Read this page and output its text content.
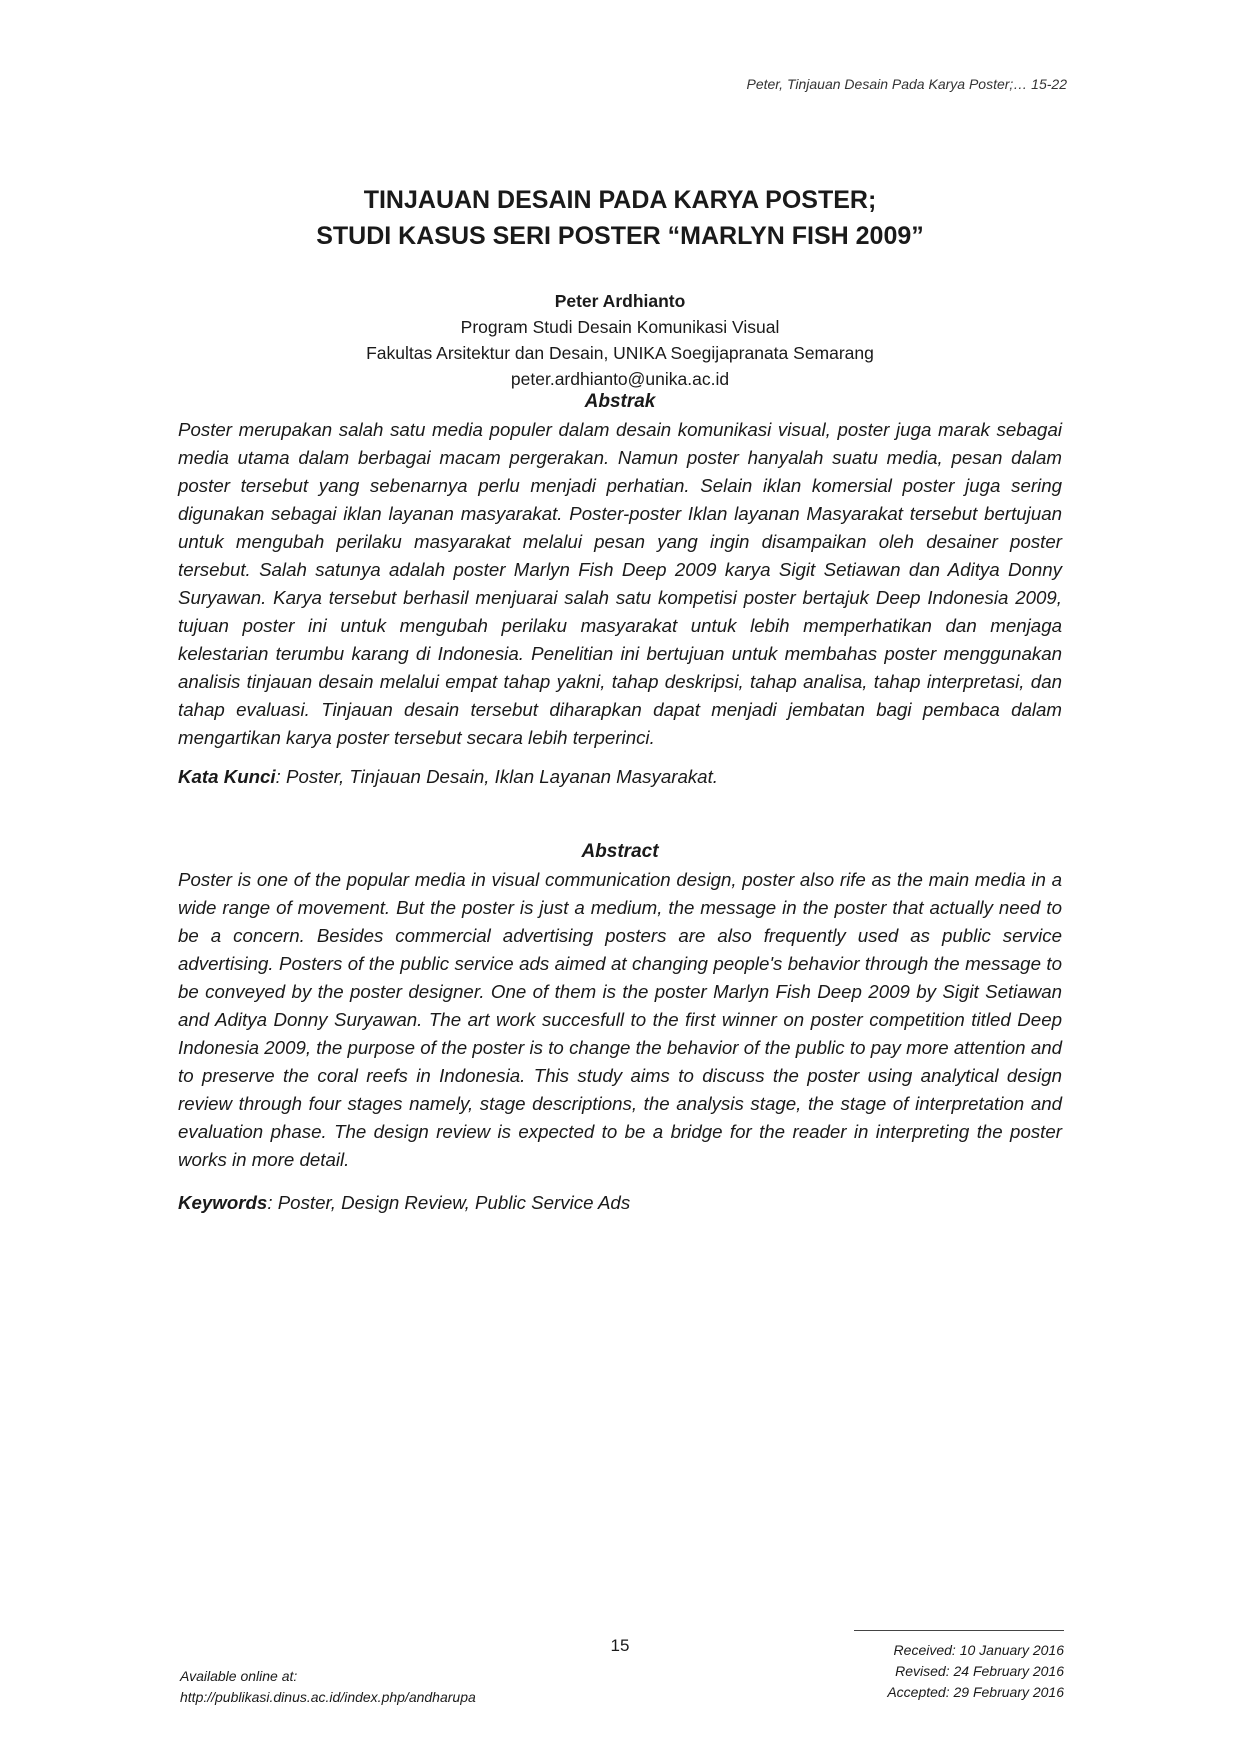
Peter, Tinjauan Desain Pada Karya Poster;… 15-22
TINJAUAN DESAIN PADA KARYA POSTER;
STUDI KASUS SERI POSTER “MARLYN FISH 2009”
Peter Ardhianto
Program Studi Desain Komunikasi Visual
Fakultas Arsitektur dan Desain, UNIKA Soegijapranata Semarang
peter.ardhianto@unika.ac.id
Abstrak
Poster merupakan salah satu media populer dalam desain komunikasi visual, poster juga marak sebagai media utama dalam berbagai macam pergerakan. Namun poster hanyalah suatu media, pesan dalam poster tersebut yang sebenarnya perlu menjadi perhatian. Selain iklan komersial poster juga sering digunakan sebagai iklan layanan masyarakat. Poster-poster Iklan layanan Masyarakat tersebut bertujuan untuk mengubah perilaku masyarakat melalui pesan yang ingin disampaikan oleh desainer poster tersebut. Salah satunya adalah poster Marlyn Fish Deep 2009 karya Sigit Setiawan dan Aditya Donny Suryawan. Karya tersebut berhasil menjuarai salah satu kompetisi poster bertajuk Deep Indonesia 2009, tujuan poster ini untuk mengubah perilaku masyarakat untuk lebih memperhatikan dan menjaga kelestarian terumbu karang di Indonesia. Penelitian ini bertujuan untuk membahas poster menggunakan analisis tinjauan desain melalui empat tahap yakni, tahap deskripsi, tahap analisa, tahap interpretasi, dan tahap evaluasi. Tinjauan desain tersebut diharapkan dapat menjadi jembatan bagi pembaca dalam mengartikan karya poster tersebut secara lebih terperinci.
Kata Kunci: Poster, Tinjauan Desain, Iklan Layanan Masyarakat.
Abstract
Poster is one of the popular media in visual communication design, poster also rife as the main media in a wide range of movement. But the poster is just a medium, the message in the poster that actually need to be a concern. Besides commercial advertising posters are also frequently used as public service advertising. Posters of the public service ads aimed at changing people's behavior through the message to be conveyed by the poster designer. One of them is the poster Marlyn Fish Deep 2009 by Sigit Setiawan and Aditya Donny Suryawan. The art work succesfull to the first winner on poster competition titled Deep Indonesia 2009, the purpose of the poster is to change the behavior of the public to pay more attention and to preserve the coral reefs in Indonesia. This study aims to discuss the poster using analytical design review through four stages namely, stage descriptions, the analysis stage, the stage of interpretation and evaluation phase. The design review is expected to be a bridge for the reader in interpreting the poster works in more detail.
Keywords: Poster, Design Review, Public Service Ads
15
Available online at:
http://publikasi.dinus.ac.id/index.php/andharupa
Received: 10 January 2016
Revised: 24 February 2016
Accepted: 29 February 2016
